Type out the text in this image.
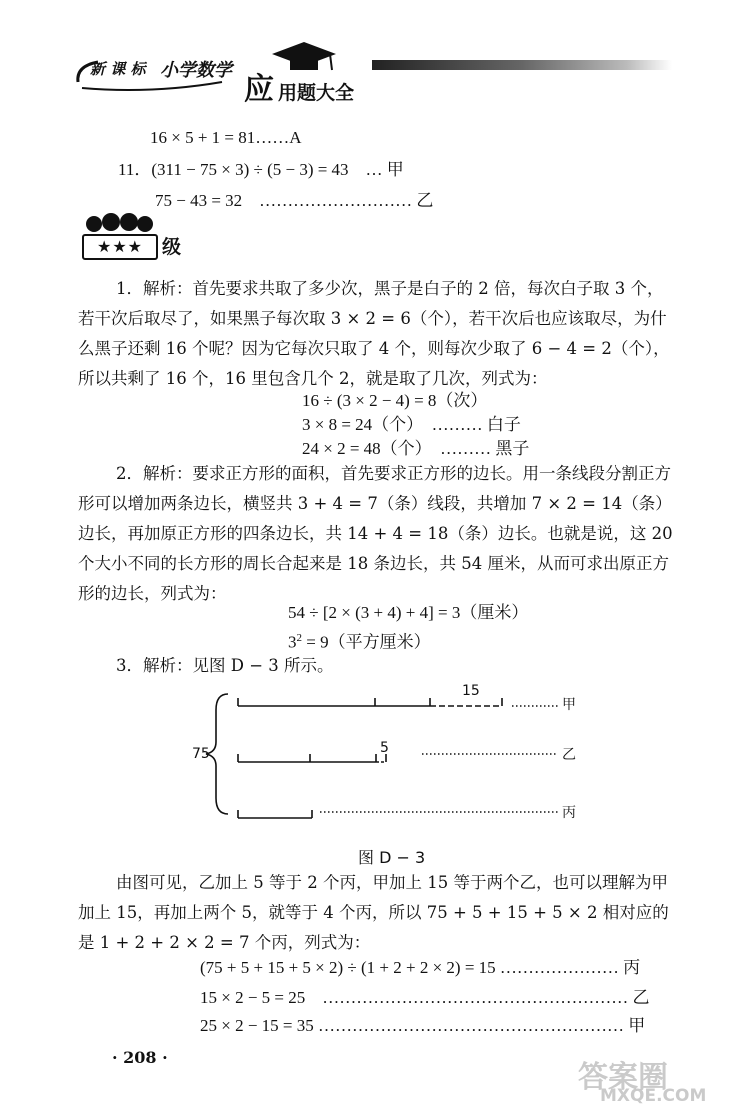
新 课 标 小学数学
应 用题大全
16 × 5 + 1 = 81……A
11．(311 − 75 × 3) ÷ (5 − 3) = 43　… 甲
75 − 43 = 32　……………………… 乙
★★★ 级
1．解析：首先要求共取了多少次，黑子是白子的 2 倍，每次白子取 3 个，若干次后取尽了，如果黑子每次取 3 × 2 = 6（个），若干次后也应该取尽，为什么黑子还剩 16 个呢？因为它每次只取了 4 个，则每次少取了 6 − 4 = 2（个），所以共剩了 16 个，16 里包含几个 2，就是取了几次，列式为：
16 ÷ (3 × 2 − 4) = 8（次）
3 × 8 = 24（个）　……… 白子
24 × 2 = 48（个）　……… 黑子
2．解析：要求正方形的面积，首先要求正方形的边长。用一条线段分割正方形可以增加两条边长，横竖共 3 + 4 = 7（条）线段，共增加 7 × 2 = 14（条）边长，再加原正方形的四条边长，共 14 + 4 = 18（条）边长。也就是说，这 20 个大小不同的长方形的周长合起来是 18 条边长，共 54 厘米，从而可求出原正方形的边长，列式为：
54 ÷ [2 × (3 + 4) + 4] = 3（厘米）
$3^2 = 9$（平方厘米）
3．解析：见图 D − 3 所示。
75
15
5
甲
乙
丙
图 D − 3
由图可见，乙加上 5 等于 2 个丙，甲加上 15 等于两个乙，也可以理解为甲加上 15，再加上两个 5，就等于 4 个丙，所以 75 + 5 + 15 + 5 × 2 相对应的是 1 + 2 + 2 × 2 = 7 个丙，列式为：
(75 + 5 + 15 + 5 × 2) ÷ (1 + 2 + 2 × 2) = 15 ………………… 丙
15 × 2 − 5 = 25　……………………………………………… 乙
25 × 2 − 15 = 35 ……………………………………………… 甲
· 208 ·
答案圈
MXQE.COM
